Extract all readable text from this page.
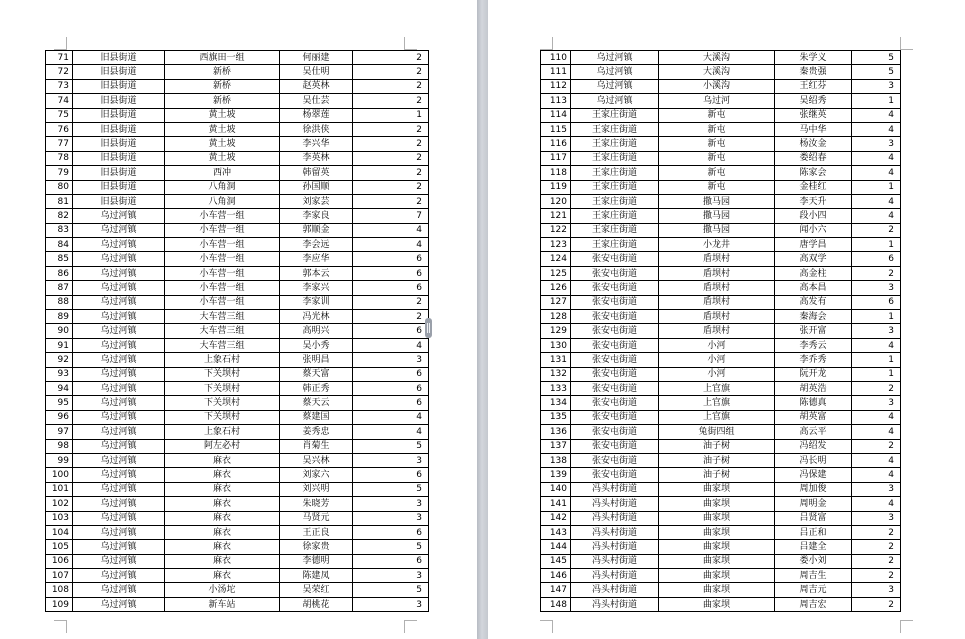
71	旧县街道	西旗田一组	何丽建	2
72	旧县街道	新桥	吴仕明	2
73	旧县街道	新桥	赵英林	2
74	旧县街道	新桥	吴仕芸	2
75	旧县街道	黄土坡	杨翠莲	1
76	旧县街道	黄土坡	徐洪侠	2
77	旧县街道	黄土坡	李兴华	2
78	旧县街道	黄土坡	李英林	2
79	旧县街道	西冲	韩留英	2
80	旧县街道	八角洞	孙国顺	2
81	旧县街道	八角洞	刘家芸	2
82	乌过河镇	小车营一组	李家良	7
83	乌过河镇	小车营一组	郭顺金	4
84	乌过河镇	小车营一组	李会远	4
85	乌过河镇	小车营一组	李应华	6
86	乌过河镇	小车营一组	郭本云	6
87	乌过河镇	小车营一组	李家兴	6
88	乌过河镇	小车营一组	李家训	2
89	乌过河镇	大车营三组	冯光林	2
90	乌过河镇	大车营三组	高明兴	6
91	乌过河镇	大车营三组	吴小秀	4
92	乌过河镇	上象石村	张明昌	3
93	乌过河镇	下关坝村	蔡天富	6
94	乌过河镇	下关坝村	韩正秀	6
95	乌过河镇	下关坝村	蔡天云	6
96	乌过河镇	下关坝村	蔡建国	4
97	乌过河镇	上象石村	姜秀忠	4
98	乌过河镇	阿左必村	肖菊生	5
99	乌过河镇	麻衣	吴兴林	3
100	乌过河镇	麻衣	刘家六	6
101	乌过河镇	麻衣	刘兴明	5
102	乌过河镇	麻衣	朱晓芳	3
103	乌过河镇	麻衣	马贤元	3
104	乌过河镇	麻衣	王正良	6
105	乌过河镇	麻衣	徐家贵	5
106	乌过河镇	麻衣	李德明	6
107	乌过河镇	麻衣	陈建凤	3
108	乌过河镇	小汤坨	吴荣红	5
109	乌过河镇	新车站	胡桃花	3
110	乌过河镇	大溪沟	朱学义	5
111	乌过河镇	大溪沟	秦贵强	5
112	乌过河镇	小溪沟	王红芬	3
113	乌过河镇	乌过河	吴绍秀	1
114	王家庄街道	新屯	张继英	4
115	王家庄街道	新屯	马中华	4
116	王家庄街道	新屯	杨汝金	3
117	王家庄街道	新屯	娄绍春	4
118	王家庄街道	新屯	陈家会	4
119	王家庄街道	新屯	金桂红	1
120	王家庄街道	撒马园	李天升	4
121	王家庄街道	撒马园	段小四	4
122	王家庄街道	撒马园	闻小六	2
123	王家庄街道	小龙井	唐学昌	1
124	张安屯街道	盾坝村	高双学	6
125	张安屯街道	盾坝村	高金柱	2
126	张安屯街道	盾坝村	高本昌	3
127	张安屯街道	盾坝村	高发有	6
128	张安屯街道	盾坝村	秦海会	1
129	张安屯街道	盾坝村	张开富	3
130	张安屯街道	小河	李秀云	4
131	张安屯街道	小河	李乔秀	1
132	张安屯街道	小河	阮开龙	1
133	张安屯街道	上官旗	胡英浩	2
134	张安屯街道	上官旗	陈德真	3
135	张安屯街道	上官旗	胡英富	4
136	张安屯街道	兔街四组	高云平	4
137	张安屯街道	油子树	冯绍发	2
138	张安屯街道	油子树	冯长明	4
139	张安屯街道	油子树	冯保建	4
140	冯头村街道	曲家坝	周加俊	3
141	冯头村街道	曲家坝	周明金	4
142	冯头村街道	曲家坝	吕贤富	3
143	冯头村街道	曲家坝	吕正和	2
144	冯头村街道	曲家坝	吕建全	2
145	冯头村街道	曲家坝	娄小刘	2
146	冯头村街道	曲家坝	周吉生	2
147	冯头村街道	曲家坝	周吉元	3
148	冯头村街道	曲家坝	周吉宏	2
